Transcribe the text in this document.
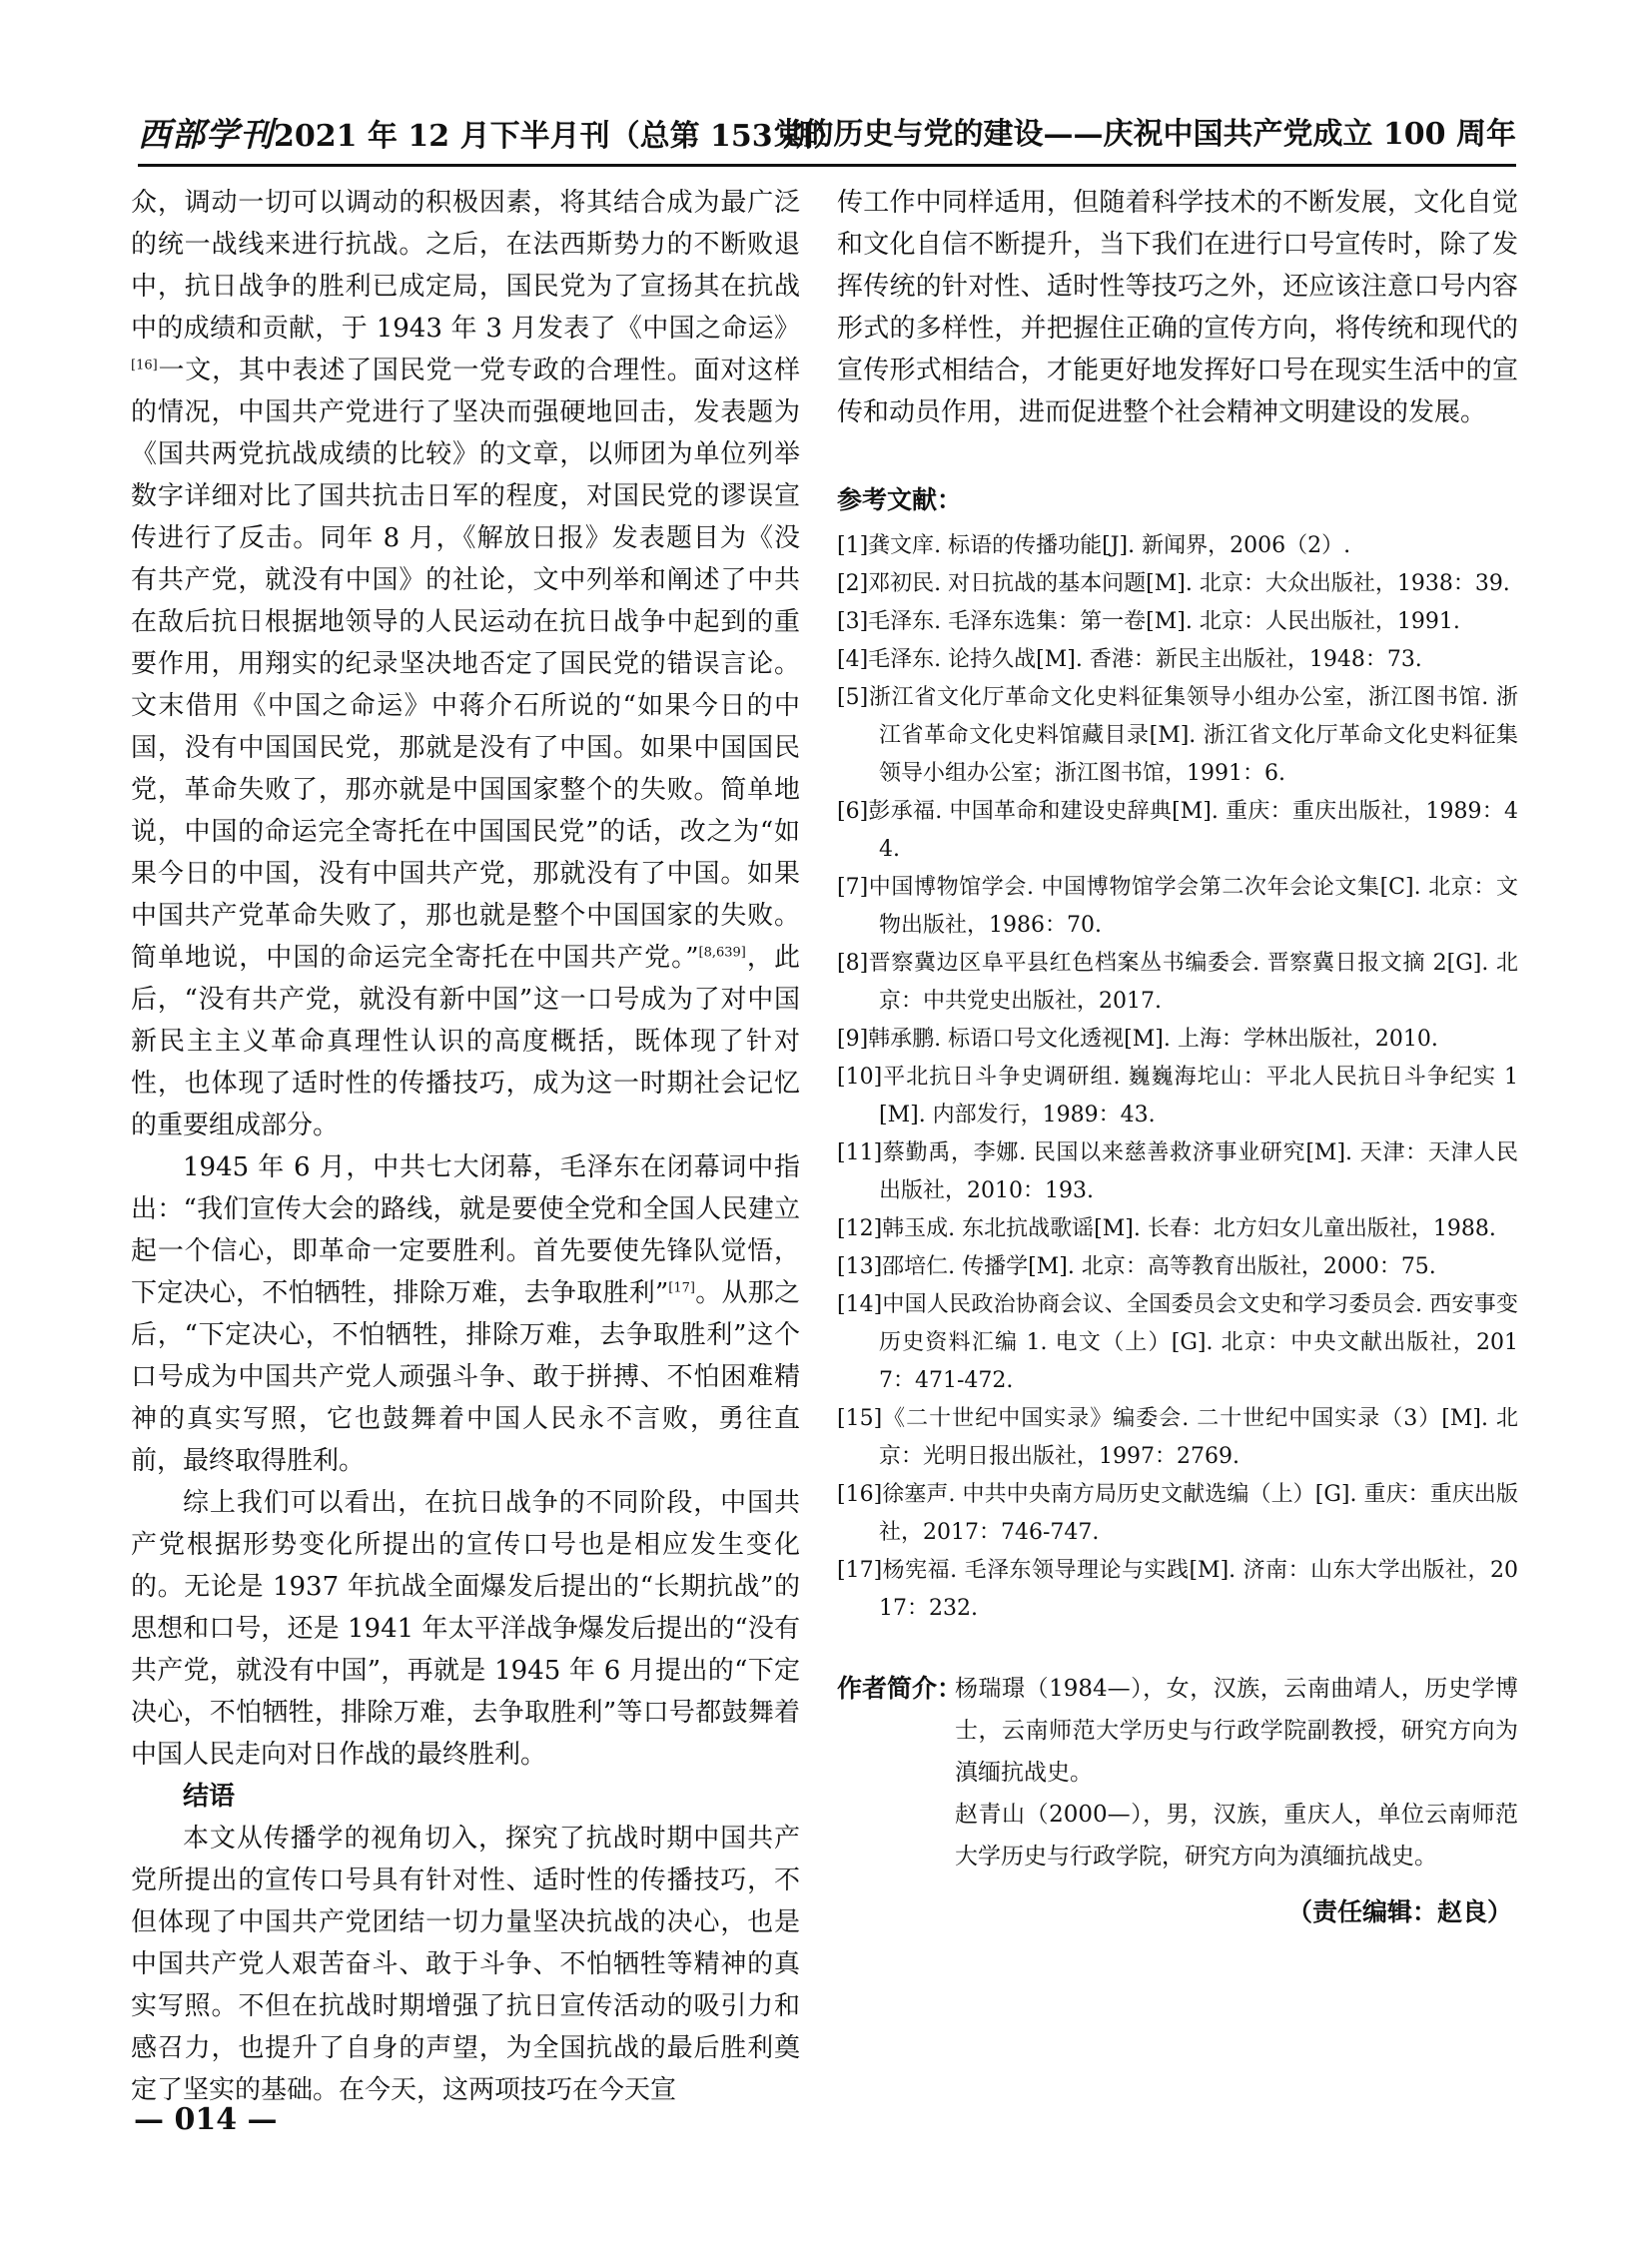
西部学刊2021 年 12 月下半月刊（总第 153 期）
党的历史与党的建设——庆祝中国共产党成立 100 周年

众，调动一切可以调动的积极因素，将其结合成为最广泛的统一战线来进行抗战。之后，在法西斯势力的不断败退中，抗日战争的胜利已成定局，国民党为了宣扬其在抗战中的成绩和贡献，于 1943 年 3 月发表了《中国之命运》[16]一文，其中表述了国民党一党专政的合理性。面对这样的情况，中国共产党进行了坚决而强硬地回击，发表题为《国共两党抗战成绩的比较》的文章，以师团为单位列举数字详细对比了国共抗击日军的程度，对国民党的谬误宣传进行了反击。同年 8 月，《解放日报》发表题目为《没有共产党，就没有中国》的社论，文中列举和阐述了中共在敌后抗日根据地领导的人民运动在抗日战争中起到的重要作用，用翔实的纪录坚决地否定了国民党的错误言论。文末借用《中国之命运》中蒋介石所说的“如果今日的中国，没有中国国民党，那就是没有了中国。如果中国国民党，革命失败了，那亦就是中国国家整个的失败。简单地说，中国的命运完全寄托在中国国民党”的话，改之为“如果今日的中国，没有中国共产党，那就没有了中国。如果中国共产党革命失败了，那也就是整个中国国家的失败。简单地说，中国的命运完全寄托在中国共产党。”[8,639]，此后，“没有共产党，就没有新中国”这一口号成为了对中国新民主主义革命真理性认识的高度概括，既体现了针对性，也体现了适时性的传播技巧，成为这一时期社会记忆的重要组成部分。

1945 年 6 月，中共七大闭幕，毛泽东在闭幕词中指出：“我们宣传大会的路线，就是要使全党和全国人民建立起一个信心，即革命一定要胜利。首先要使先锋队觉悟，下定决心，不怕牺牲，排除万难，去争取胜利”[17]。从那之后，“下定决心，不怕牺牲，排除万难，去争取胜利”这个口号成为中国共产党人顽强斗争、敢于拼搏、不怕困难精神的真实写照，它也鼓舞着中国人民永不言败，勇往直前，最终取得胜利。

综上我们可以看出，在抗日战争的不同阶段，中国共产党根据形势变化所提出的宣传口号也是相应发生变化的。无论是 1937 年抗战全面爆发后提出的“长期抗战”的思想和口号，还是 1941 年太平洋战争爆发后提出的“没有共产党，就没有中国”，再就是 1945 年 6 月提出的“下定决心，不怕牺牲，排除万难，去争取胜利”等口号都鼓舞着中国人民走向对日作战的最终胜利。

结语

本文从传播学的视角切入，探究了抗战时期中国共产党所提出的宣传口号具有针对性、适时性的传播技巧，不但体现了中国共产党团结一切力量坚决抗战的决心，也是中国共产党人艰苦奋斗、敢于斗争、不怕牺牲等精神的真实写照。不但在抗战时期增强了抗日宣传活动的吸引力和感召力，也提升了自身的声望，为全国抗战的最后胜利奠定了坚实的基础。在今天，这两项技巧在今天宣

传工作中同样适用，但随着科学技术的不断发展，文化自觉和文化自信不断提升，当下我们在进行口号宣传时，除了发挥传统的针对性、适时性等技巧之外，还应该注意口号内容形式的多样性，并把握住正确的宣传方向，将传统和现代的宣传形式相结合，才能更好地发挥好口号在现实生活中的宣传和动员作用，进而促进整个社会精神文明建设的发展。

参考文献：

[1]龚文庠. 标语的传播功能[J]. 新闻界，2006（2）.

[2]邓初民. 对日抗战的基本问题[M]. 北京：大众出版社，1938：39.

[3]毛泽东. 毛泽东选集：第一卷[M]. 北京：人民出版社，1991.

[4]毛泽东. 论持久战[M]. 香港：新民主出版社，1948：73.

[5]浙江省文化厅革命文化史料征集领导小组办公室，浙江图书馆. 浙江省革命文化史料馆藏目录[M]. 浙江省文化厅革命文化史料征集领导小组办公室；浙江图书馆，1991：6.

[6]彭承福. 中国革命和建设史辞典[M]. 重庆：重庆出版社，1989：44.

[7]中国博物馆学会. 中国博物馆学会第二次年会论文集[C]. 北京：文物出版社，1986：70.

[8]晋察冀边区阜平县红色档案丛书编委会. 晋察冀日报文摘 2[G]. 北京：中共党史出版社，2017.

[9]韩承鹏. 标语口号文化透视[M]. 上海：学林出版社，2010.

[10]平北抗日斗争史调研组. 巍巍海坨山：平北人民抗日斗争纪实 1[M]. 内部发行，1989：43.

[11]蔡勤禹，李娜. 民国以来慈善救济事业研究[M]. 天津：天津人民出版社，2010：193.

[12]韩玉成. 东北抗战歌谣[M]. 长春：北方妇女儿童出版社，1988.

[13]邵培仁. 传播学[M]. 北京：高等教育出版社，2000：75.

[14]中国人民政治协商会议、全国委员会文史和学习委员会. 西安事变历史资料汇编 1. 电文（上）[G]. 北京：中央文献出版社，2017：471-472.

[15]《二十世纪中国实录》编委会. 二十世纪中国实录（3）[M]. 北京：光明日报出版社，1997：2769.

[16]徐塞声. 中共中央南方局历史文献选编（上）[G]. 重庆：重庆出版社，2017：746-747.

[17]杨宪福. 毛泽东领导理论与实践[M]. 济南：山东大学出版社，2017：232.

作者简介：

杨瑞璟（1984—），女，汉族，云南曲靖人，历史学博士，云南师范大学历史与行政学院副教授，研究方向为滇缅抗战史。

赵青山（2000—），男，汉族，重庆人，单位云南师范大学历史与行政学院，研究方向为滇缅抗战史。

（责任编辑：赵良）
— 014 —
